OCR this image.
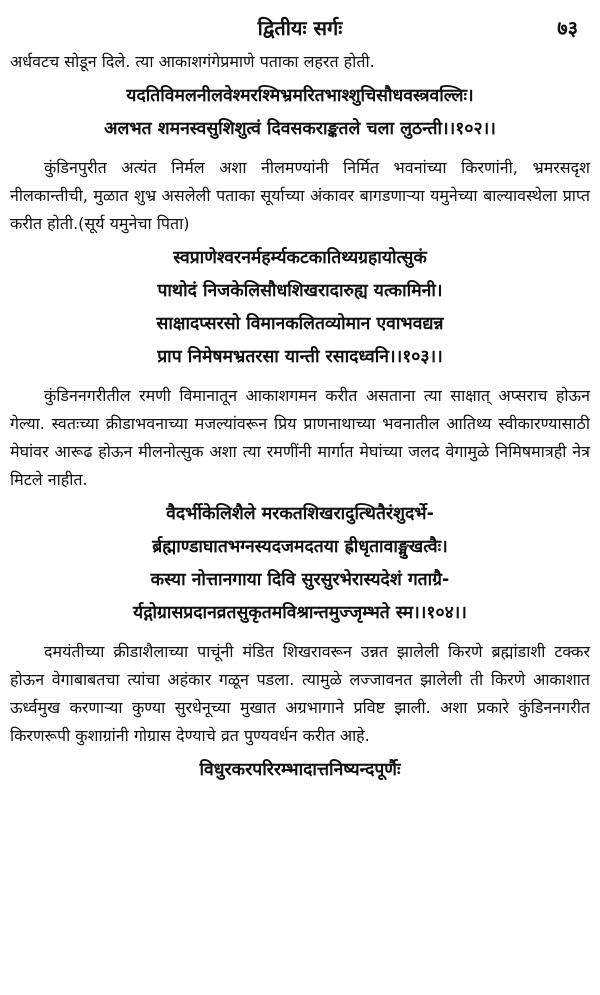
द्वितीयः सर्गः	७३

अर्धवटच सोडून दिले. त्या आकाशगंगेप्रमाणे पताका लहरत होती.

यदतिविमलनीलवेश्मरश्मिभ्रमरितभाश्शुचिसौधवस्त्रवल्लिः।
अलभत शमनस्वसुशिशुत्वं दिवसकराङ्कतले चला लुठन्ती।।१०२।।

कुंडिनपुरीत अत्यंत निर्मल अशा नीलमण्यांनी निर्मित भवनांच्या किरणांनी, भ्रमरसदृश नीलकान्तीची, मुळात शुभ्र असलेली पताका सूर्याच्या अंकावर बागडणाऱ्या यमुनेच्या बाल्यावस्थेला प्राप्त करीत होती.(सूर्य यमुनेचा पिता)

स्वप्राणेश्वरनर्महर्म्यकटकातिथ्यग्रहायोत्सुकं
पाथोदं निजकेलिसौधशिखरादारुह्य यत्कामिनी।
साक्षादप्सरसो विमानकलितव्योमान एवाभवद्यन्न
प्राप निमेषमभ्रतरसा यान्ती रसादध्वनि।।१०३।।

कुंडिननगरीतील रमणी विमानातून आकाशगमन करीत असताना त्या साक्षात् अप्सराच होऊन गेल्या. स्वतःच्या क्रीडाभवनाच्या मजल्यांवरून प्रिय प्राणनाथाच्या भवनातील आतिथ्य स्वीकारण्यासाठी मेघांवर आरूढ होऊन मीलनोत्सुक अशा त्या रमणींनी मार्गात मेघांच्या जलद वेगामुळे निमिषमात्रही नेत्र मिटले नाहीत.

वैदर्भीकेलिशैले मरकतशिखरादुत्थितैरंशुदर्भे-
र्ब्रह्माण्डाघातभग्नस्यदजमदतया ह्रीधृतावाङ्मुखत्वैः।
कस्या नोत्तानगाया दिवि सुरसुरभेरास्यदेशं गताग्रै-
र्यद्गोग्रासप्रदानव्रतसुकृतमविश्रान्तमुज्जृम्भते स्म।।१०४।।

दमयंतीच्या क्रीडाशैलाच्या पाचूंनी मंडित शिखरावरून उन्नत झालेली किरणे ब्रह्मांडाशी टक्कर होऊन वेगाबाबतचा त्यांचा अहंकार गळून पडला. त्यामुळे लज्जावनत झालेली ती किरणे आकाशात ऊर्ध्वमुख करणाऱ्या कुण्या सुरधेनूच्या मुखात अग्रभागाने प्रविष्ट झाली. अशा प्रकारे कुंडिननगरीत किरणरूपी कुशाग्रांनी गोग्रास देण्याचे व्रत पुण्यवर्धन करीत आहे.

विधुरकरपरिरम्भादात्तनिष्यन्दपूर्णैः
